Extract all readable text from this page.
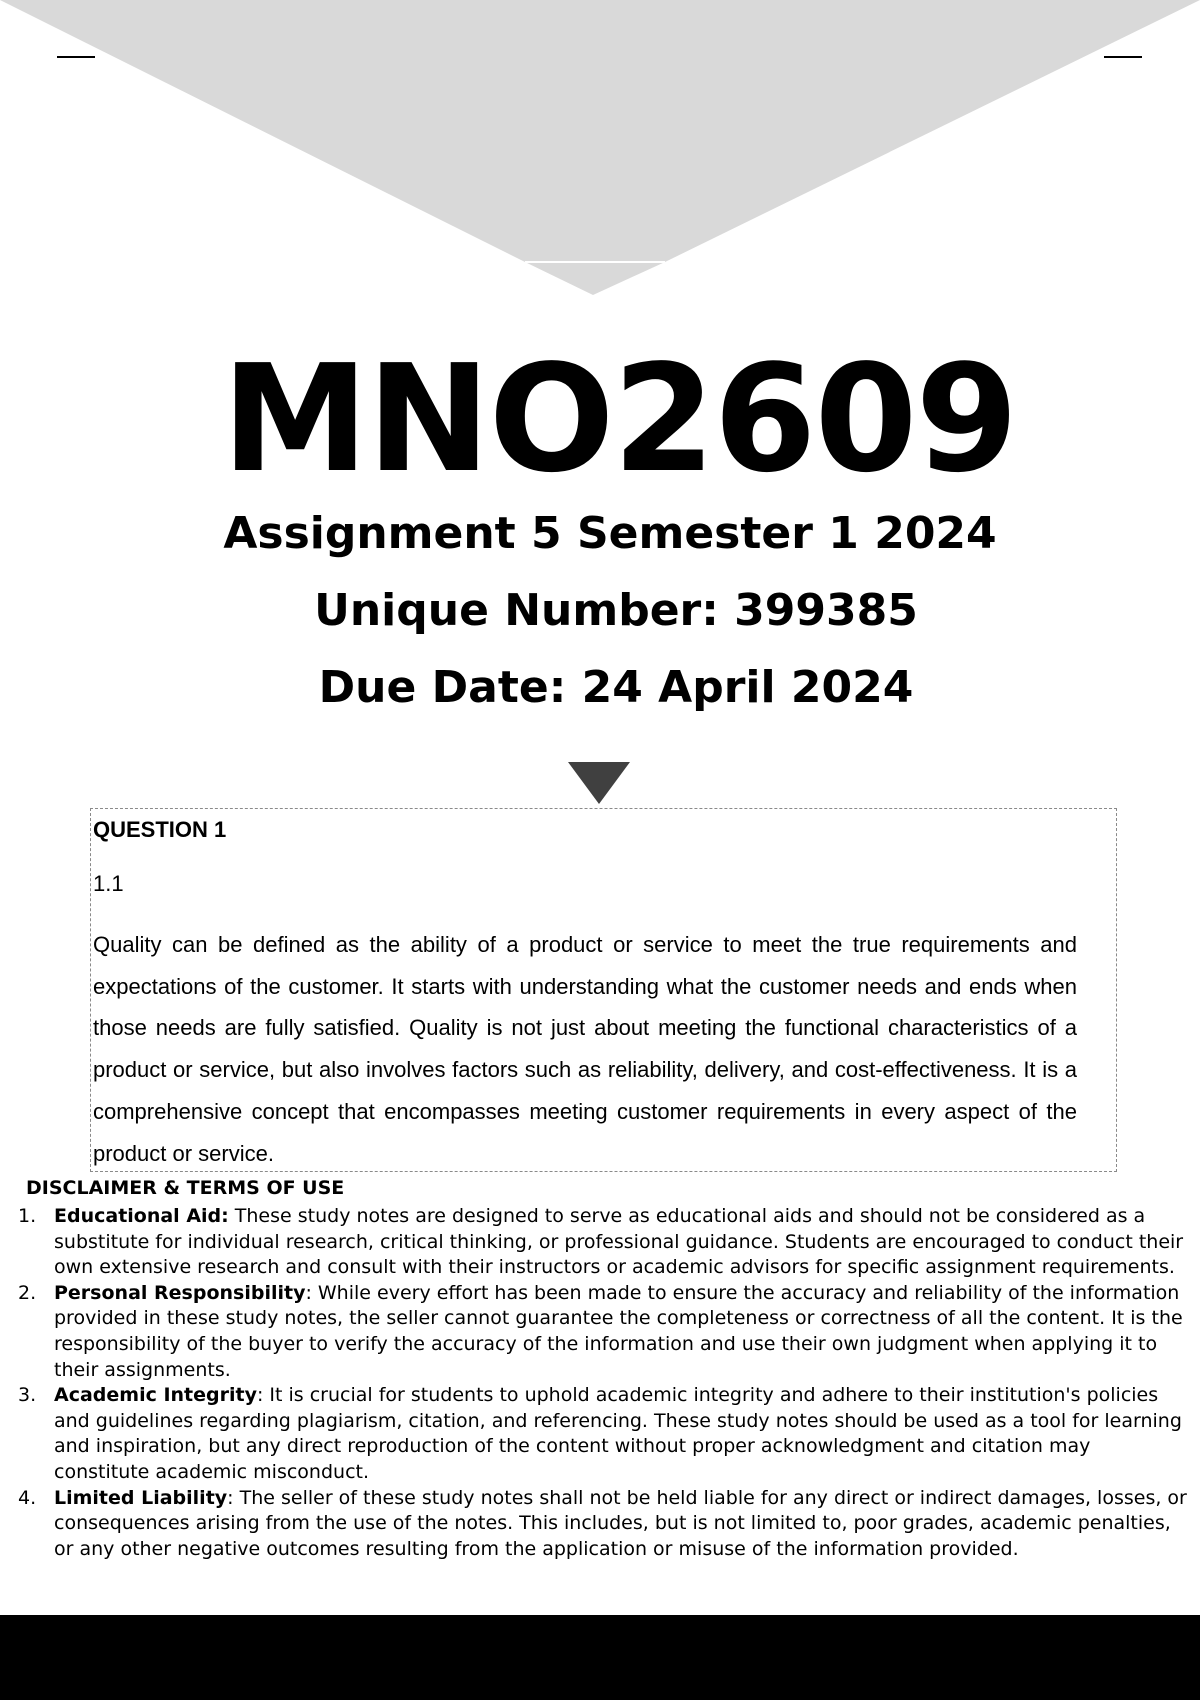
MNO2609
Assignment 5 Semester 1 2024
Unique Number: 399385
Due Date: 24 April 2024
QUESTION 1
1.1
Quality can be defined as the ability of a product or service to meet the true requirements and expectations of the customer. It starts with understanding what the customer needs and ends when those needs are fully satisfied. Quality is not just about meeting the functional characteristics of a product or service, but also involves factors such as reliability, delivery, and cost-effectiveness. It is a comprehensive concept that encompasses meeting customer requirements in every aspect of the product or service.
DISCLAIMER & TERMS OF USE
1. Educational Aid: These study notes are designed to serve as educational aids and should not be considered as a substitute for individual research, critical thinking, or professional guidance. Students are encouraged to conduct their own extensive research and consult with their instructors or academic advisors for specific assignment requirements.
2. Personal Responsibility: While every effort has been made to ensure the accuracy and reliability of the information provided in these study notes, the seller cannot guarantee the completeness or correctness of all the content. It is the responsibility of the buyer to verify the accuracy of the information and use their own judgment when applying it to their assignments.
3. Academic Integrity: It is crucial for students to uphold academic integrity and adhere to their institution's policies and guidelines regarding plagiarism, citation, and referencing. These study notes should be used as a tool for learning and inspiration, but any direct reproduction of the content without proper acknowledgment and citation may constitute academic misconduct.
4. Limited Liability: The seller of these study notes shall not be held liable for any direct or indirect damages, losses, or consequences arising from the use of the notes. This includes, but is not limited to, poor grades, academic penalties, or any other negative outcomes resulting from the application or misuse of the information provided.
